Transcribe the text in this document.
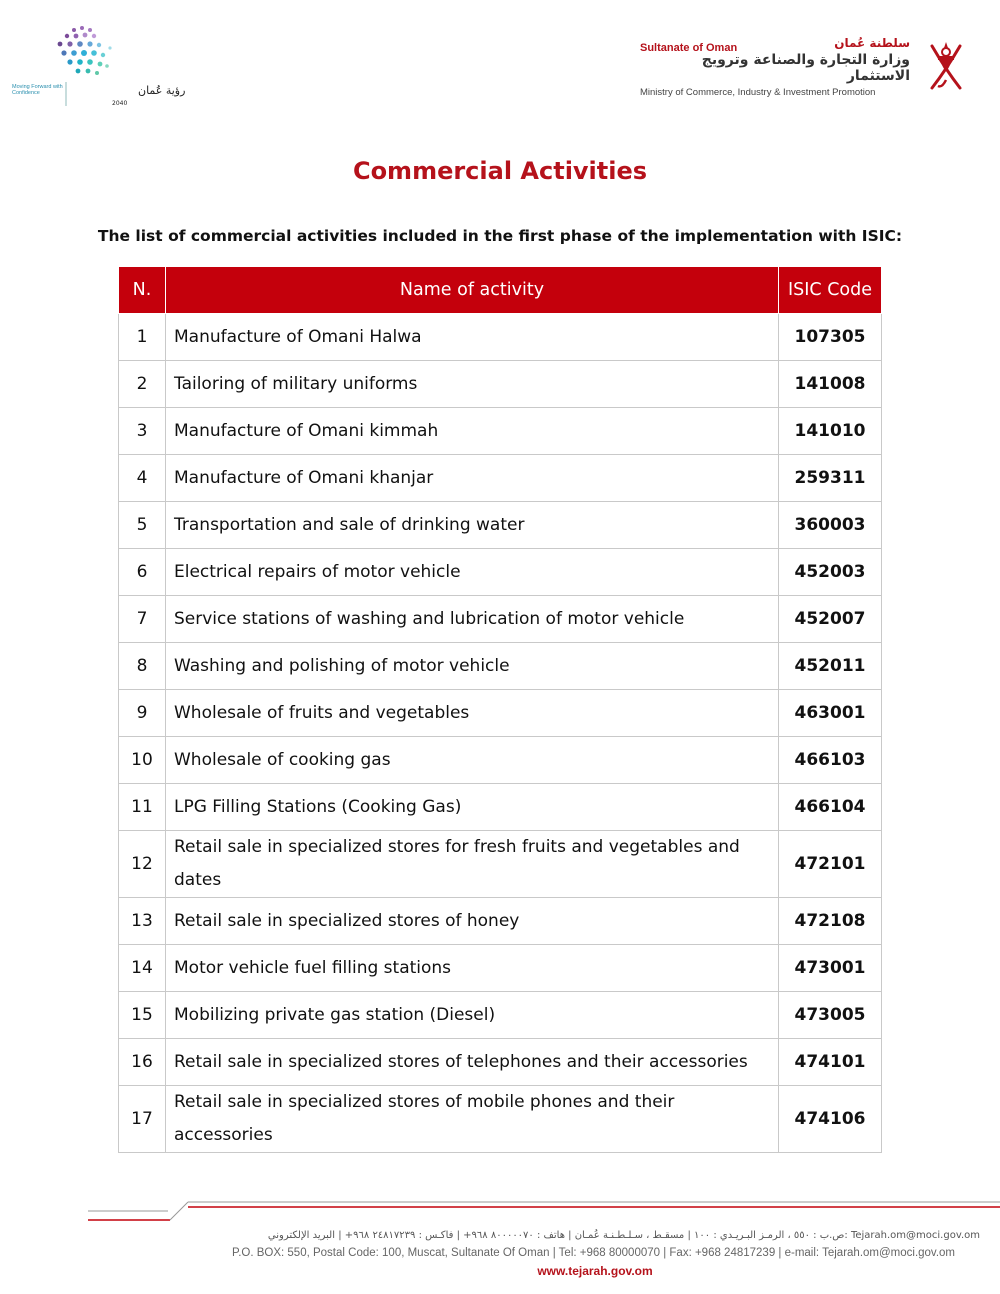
رؤية عُمان
2040
Moving Forward with Confidence
Sultanate of Oman	سلطنة عُمان
وزارة التجارة والصناعة وترويج الاستثمار
Ministry of Commerce, Industry & Investment Promotion
Commercial Activities
The list of commercial activities included in the first phase of the implementation with ISIC:
N.	Name of activity	ISIC Code
1	Manufacture of Omani Halwa	107305
2	Tailoring of military uniforms	141008
3	Manufacture of Omani kimmah	141010
4	Manufacture of Omani khanjar	259311
5	Transportation and sale of drinking water	360003
6	Electrical repairs of motor vehicle	452003
7	Service stations of washing and lubrication of motor vehicle	452007
8	Washing and polishing of motor vehicle	452011
9	Wholesale of fruits and vegetables	463001
10	Wholesale of cooking gas	466103
11	LPG Filling Stations (Cooking Gas)	466104
12	Retail sale in specialized stores for fresh fruits and vegetables and dates	472101
13	Retail sale in specialized stores of honey	472108
14	Motor vehicle fuel filling stations	473001
15	Mobilizing private gas station (Diesel)	473005
16	Retail sale in specialized stores of telephones and their accessories	474101
17	Retail sale in specialized stores of mobile phones and their accessories	474106
ص.ب : ٥٥٠ ، الرمـز البـريـدي : ١٠٠ | مسقـط ، سـلـطـنـة عُمـان | هاتف : ٨٠٠٠٠٠٧٠ ٩٦٨+ | فاكـس : ٢٤٨١٧٢٣٩ ٩٦٨+ | البريد الإلكتروني: Tejarah.om@moci.gov.om
P.O. BOX: 550, Postal Code: 100, Muscat, Sultanate Of Oman | Tel: +968 80000070 | Fax: +968 24817239 | e-mail: Tejarah.om@moci.gov.om
www.tejarah.gov.om
